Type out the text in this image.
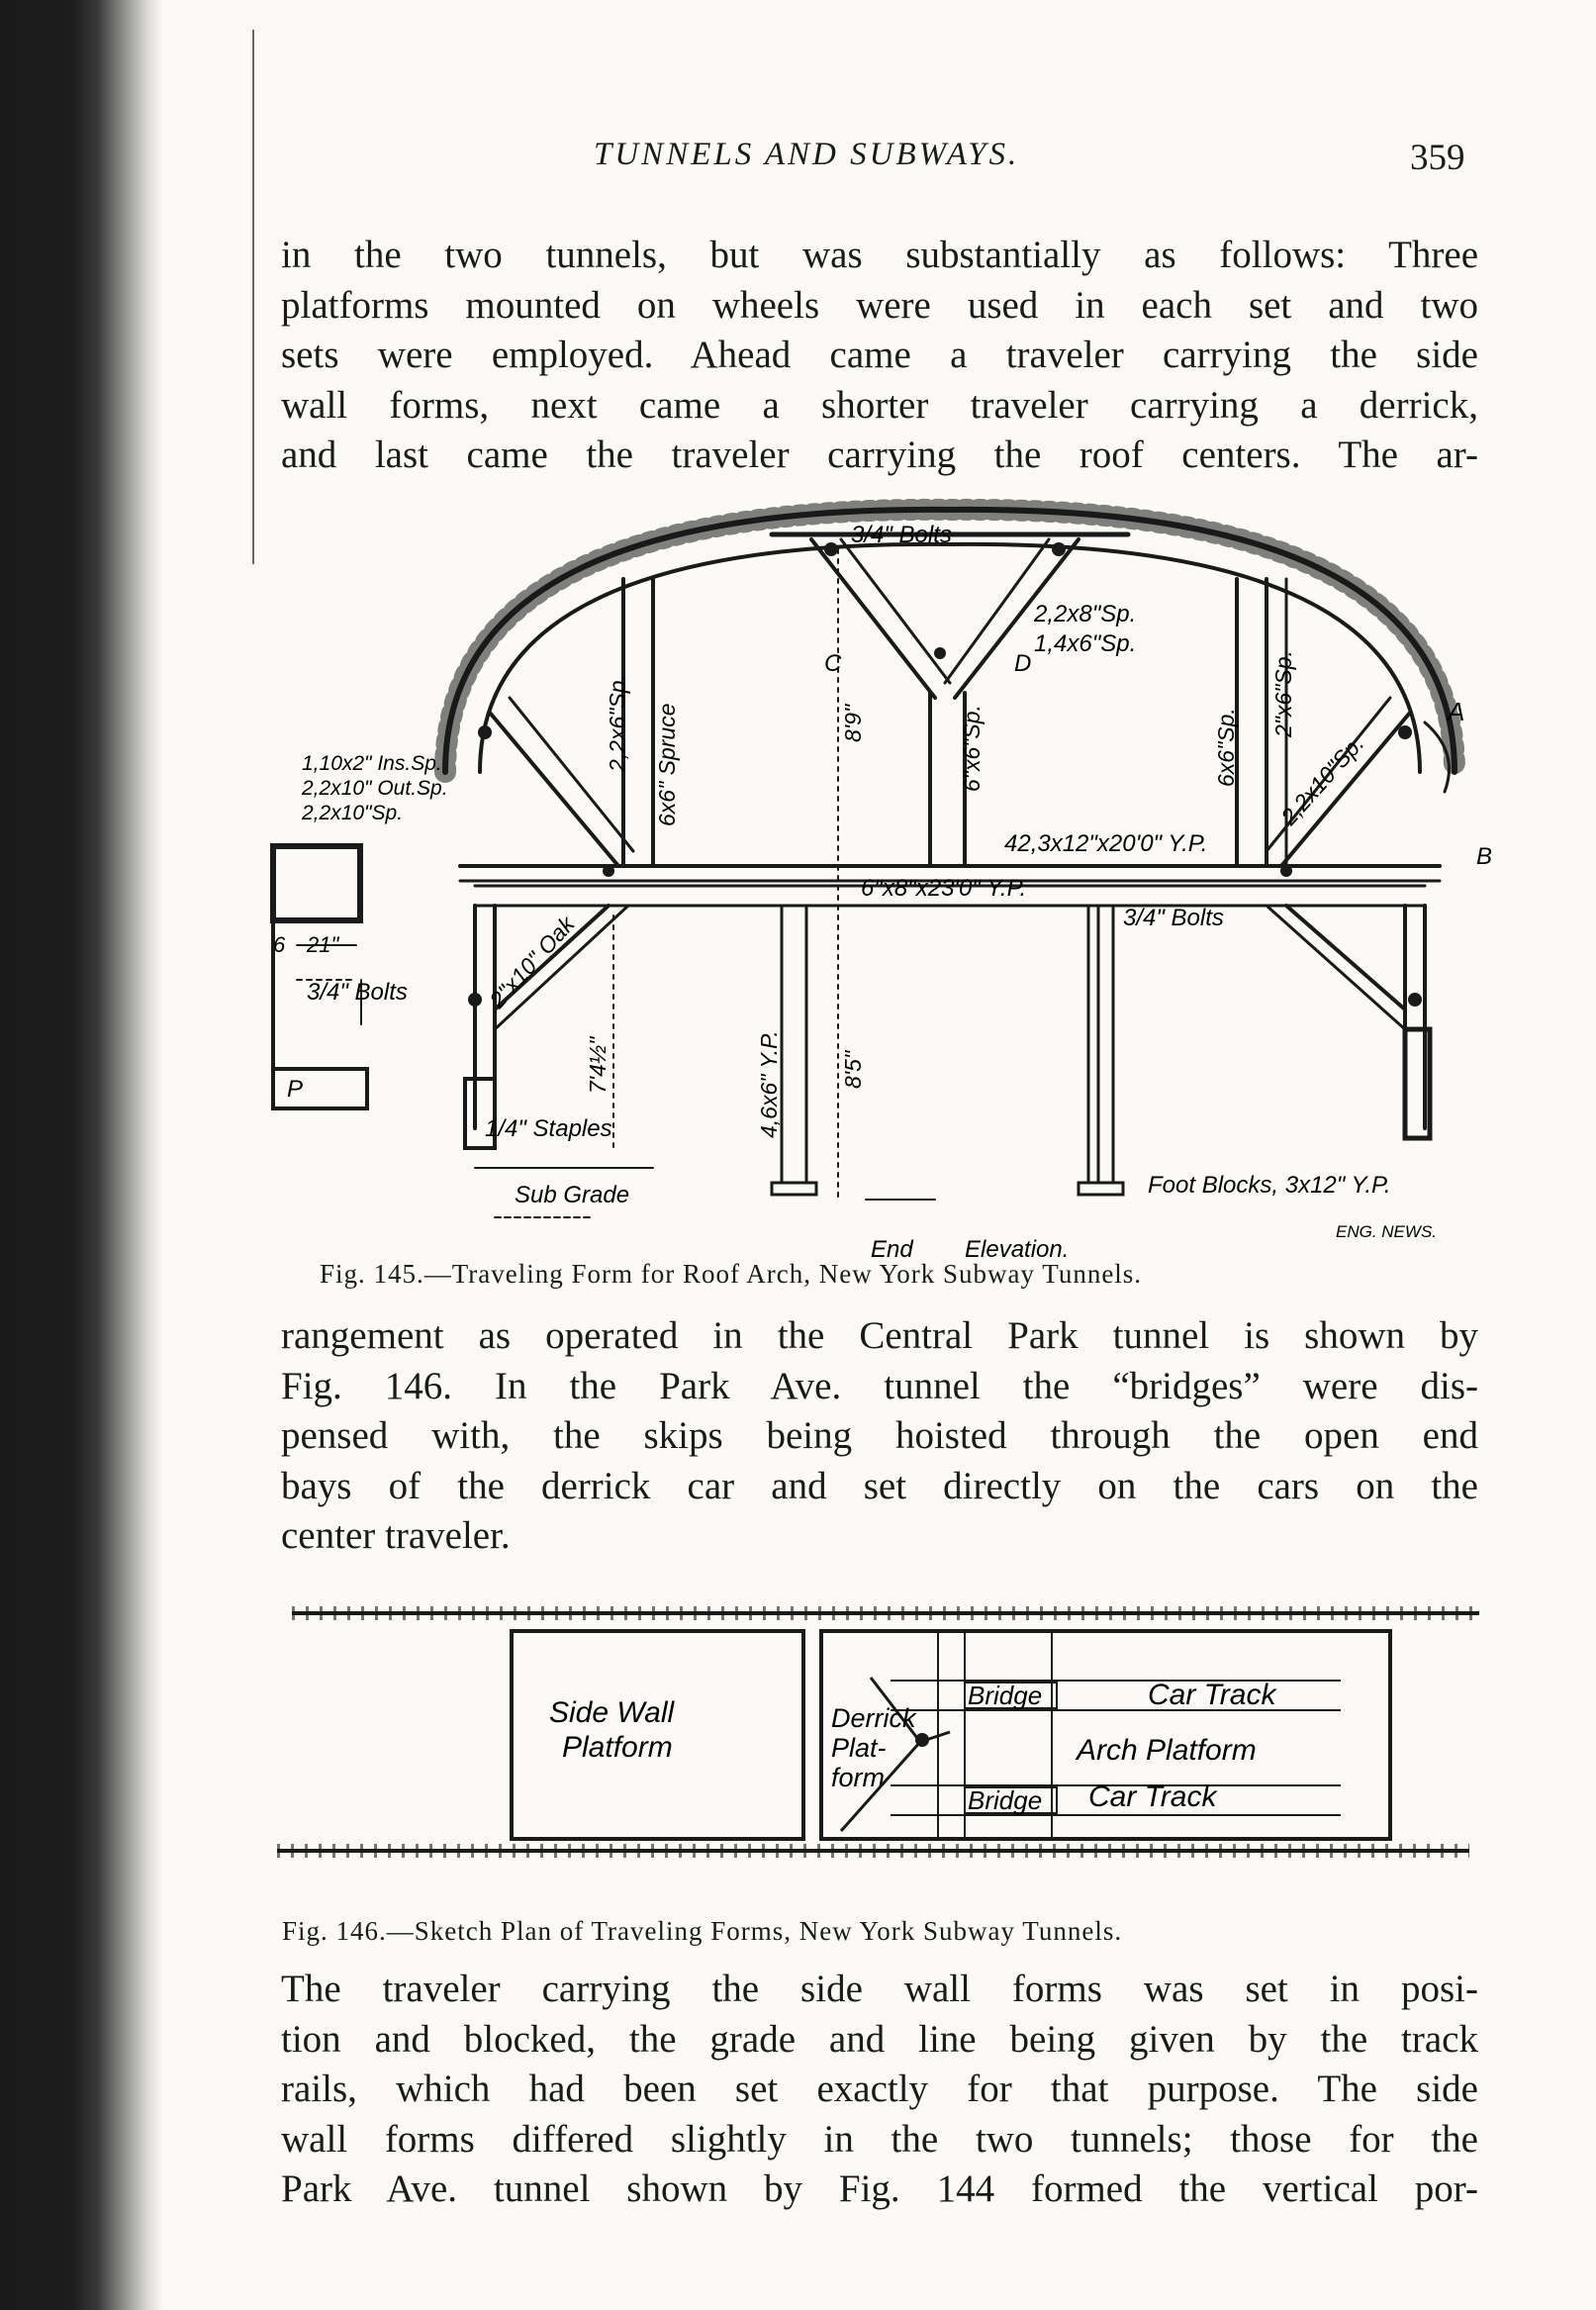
TUNNELS AND SUBWAYS.	359
in the two tunnels, but was substantially as follows: Three
platforms mounted on wheels were used in each set and two
sets were employed. Ahead came a traveler carrying the side
wall forms, next came a shorter traveler carrying a derrick,
and last came the traveler carrying the roof centers. The ar-
3/4" Bolts
2,2x8"Sp.
1,4x6"Sp.
C	D
A
B
1,10x2" Ins.Sp.
2,2x10" Out.Sp.
2,2x10"Sp.
42,3x12"x20'0" Y.P.
6"x8"x23'0" Y.P.
3/4" Bolts
3/4" Bolts
6 21"
P
1/4" Staples
Sub Grade	Foot Blocks, 3x12" Y.P.
End Elevation.
ENG. NEWS.
2,2x6"Sp. 6x6" Spruce	8'9"	6"x6"Sp.	6x6"Sp.
2"x6"Sp.
2,2x10"Sp.
2"x10" Oak
7'4½"	4,6x6" Y.P.	8'5"
Fig. 145.—Traveling Form for Roof Arch, New York Subway Tunnels.
rangement as operated in the Central Park tunnel is shown by
Fig. 146. In the Park Ave. tunnel the “bridges” were dis-
pensed with, the skips being hoisted through the open end
bays of the derrick car and set directly on the cars on the
center traveler.
Side Wall
Platform
Derrick
Plat-
form
Bridge
Bridge
Car Track
Arch Platform
Car Track
Fig. 146.—Sketch Plan of Traveling Forms, New York Subway Tunnels.
The traveler carrying the side wall forms was set in posi-
tion and blocked, the grade and line being given by the track
rails, which had been set exactly for that purpose. The side
wall forms differed slightly in the two tunnels; those for the
Park Ave. tunnel shown by Fig. 144 formed the vertical por-
